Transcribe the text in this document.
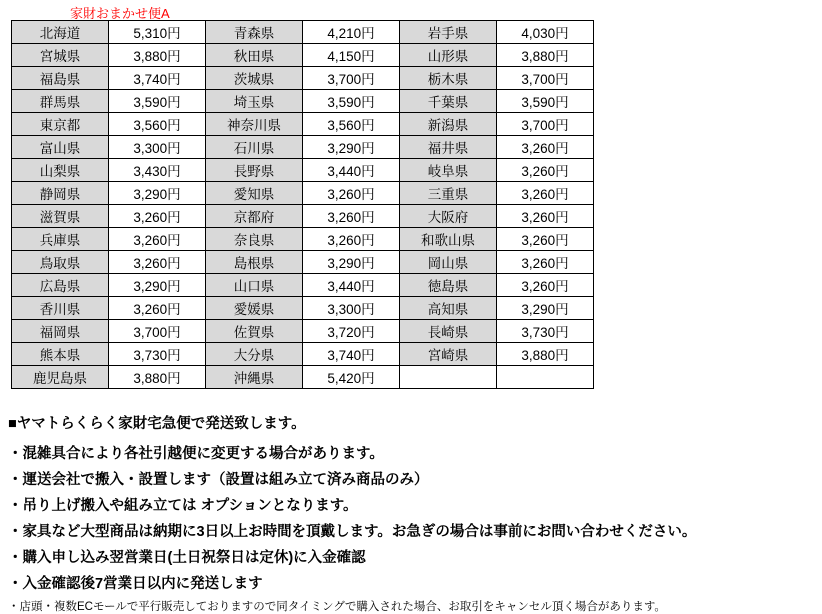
家財おまかせ便A
北海道	5,310円	青森県	4,210円	岩手県	4,030円
宮城県	3,880円	秋田県	4,150円	山形県	3,880円
福島県	3,740円	茨城県	3,700円	栃木県	3,700円
群馬県	3,590円	埼玉県	3,590円	千葉県	3,590円
東京都	3,560円	神奈川県	3,560円	新潟県	3,700円
富山県	3,300円	石川県	3,290円	福井県	3,260円
山梨県	3,430円	長野県	3,440円	岐阜県	3,260円
静岡県	3,290円	愛知県	3,260円	三重県	3,260円
滋賀県	3,260円	京都府	3,260円	大阪府	3,260円
兵庫県	3,260円	奈良県	3,260円	和歌山県	3,260円
鳥取県	3,260円	島根県	3,290円	岡山県	3,260円
広島県	3,290円	山口県	3,440円	徳島県	3,260円
香川県	3,260円	愛媛県	3,300円	高知県	3,290円
福岡県	3,700円	佐賀県	3,720円	長崎県	3,730円
熊本県	3,730円	大分県	3,740円	宮崎県	3,880円
鹿児島県	3,880円	沖縄県	5,420円		

■ヤマトらくらく家財宅急便で発送致します。

・混雑具合により各社引越便に変更する場合があります。

・運送会社で搬入・設置します（設置は組み立て済み商品のみ）

・吊り上げ搬入や組み立ては オプションとなります。

・家具など大型商品は納期に3日以上お時間を頂戴します。お急ぎの場合は事前にお問い合わせください。

・購入申し込み翌営業日(土日祝祭日は定休)に入金確認

・入金確認後7営業日以内に発送します

・店頭・複数ECモールで平行販売しておりますので同タイミングで購入された場合、お取引をキャンセル頂く場合があります。
